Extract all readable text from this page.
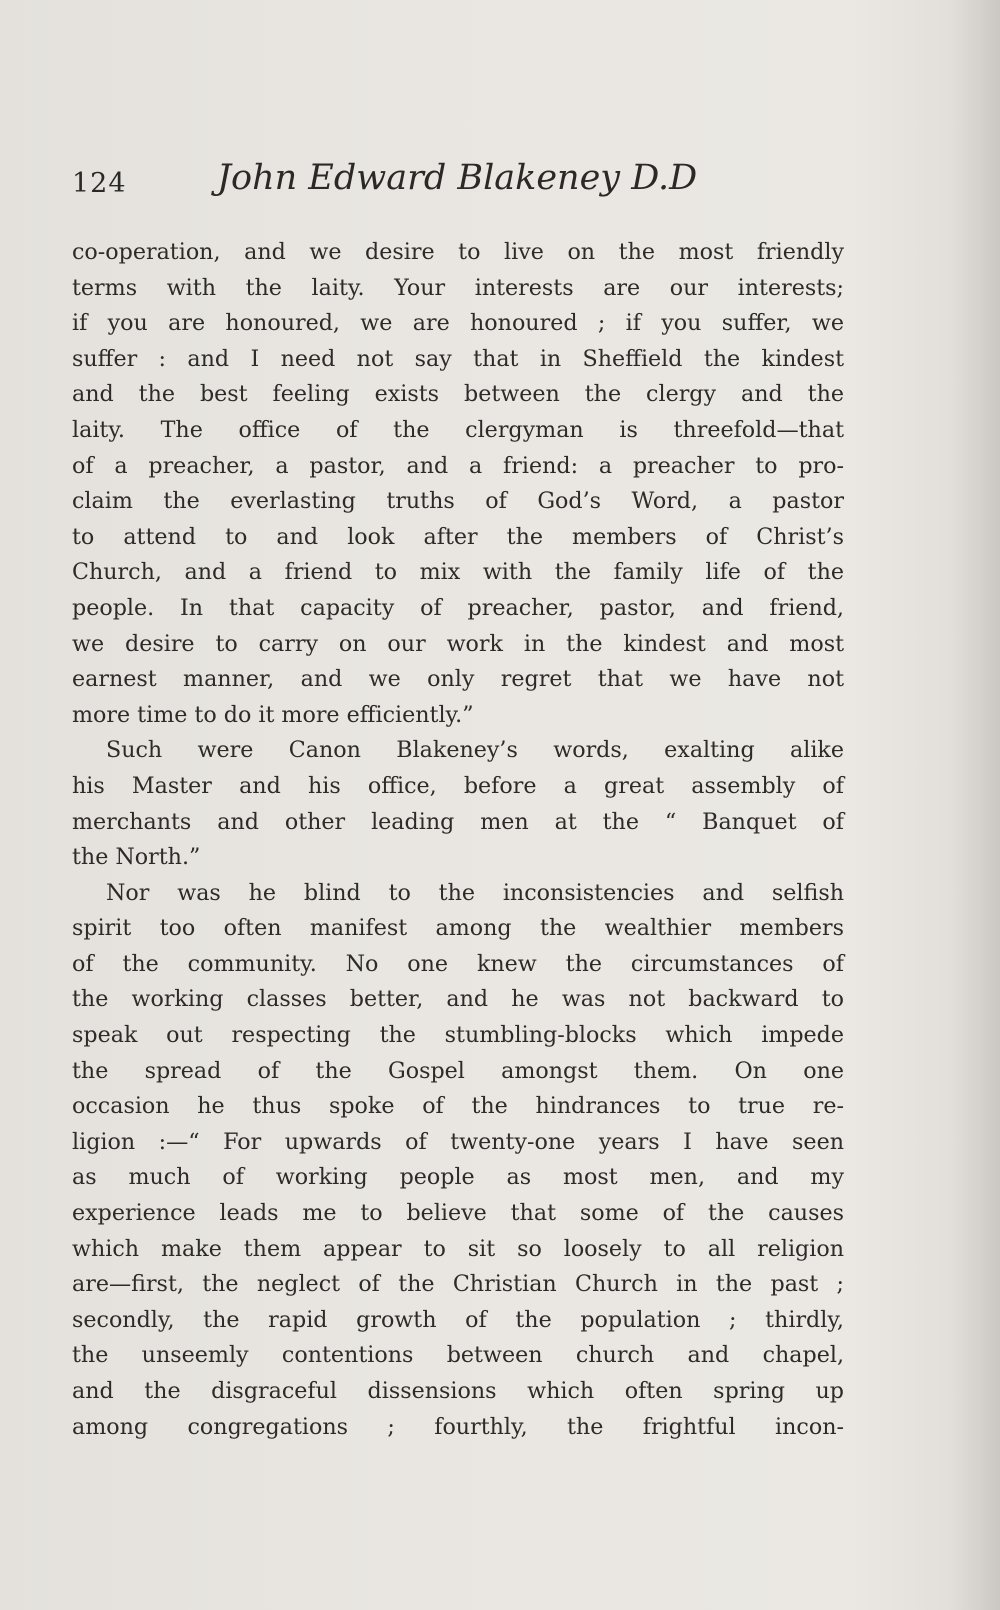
124	John Edward Blakeney D.D
co-operation, and we desire to live on the most friendly
terms with the laity. Your interests are our interests;
if you are honoured, we are honoured ; if you suffer, we
suffer : and I need not say that in Sheffield the kindest
and the best feeling exists between the clergy and the
laity. The office of the clergyman is threefold—that
of a preacher, a pastor, and a friend: a preacher to pro-
claim the everlasting truths of God’s Word, a pastor
to attend to and look after the members of Christ’s
Church, and a friend to mix with the family life of the
people. In that capacity of preacher, pastor, and friend,
we desire to carry on our work in the kindest and most
earnest manner, and we only regret that we have not
more time to do it more efficiently.”
Such were Canon Blakeney’s words, exalting alike
his Master and his office, before a great assembly of
merchants and other leading men at the “ Banquet of
the North.”
Nor was he blind to the inconsistencies and selfish
spirit too often manifest among the wealthier members
of the community. No one knew the circumstances of
the working classes better, and he was not backward to
speak out respecting the stumbling-blocks which impede
the spread of the Gospel amongst them. On one
occasion he thus spoke of the hindrances to true re-
ligion :—“ For upwards of twenty-one years I have seen
as much of working people as most men, and my
experience leads me to believe that some of the causes
which make them appear to sit so loosely to all religion
are—first, the neglect of the Christian Church in the past ;
secondly, the rapid growth of the population ; thirdly,
the unseemly contentions between church and chapel,
and the disgraceful dissensions which often spring up
among congregations ; fourthly, the frightful incon-
